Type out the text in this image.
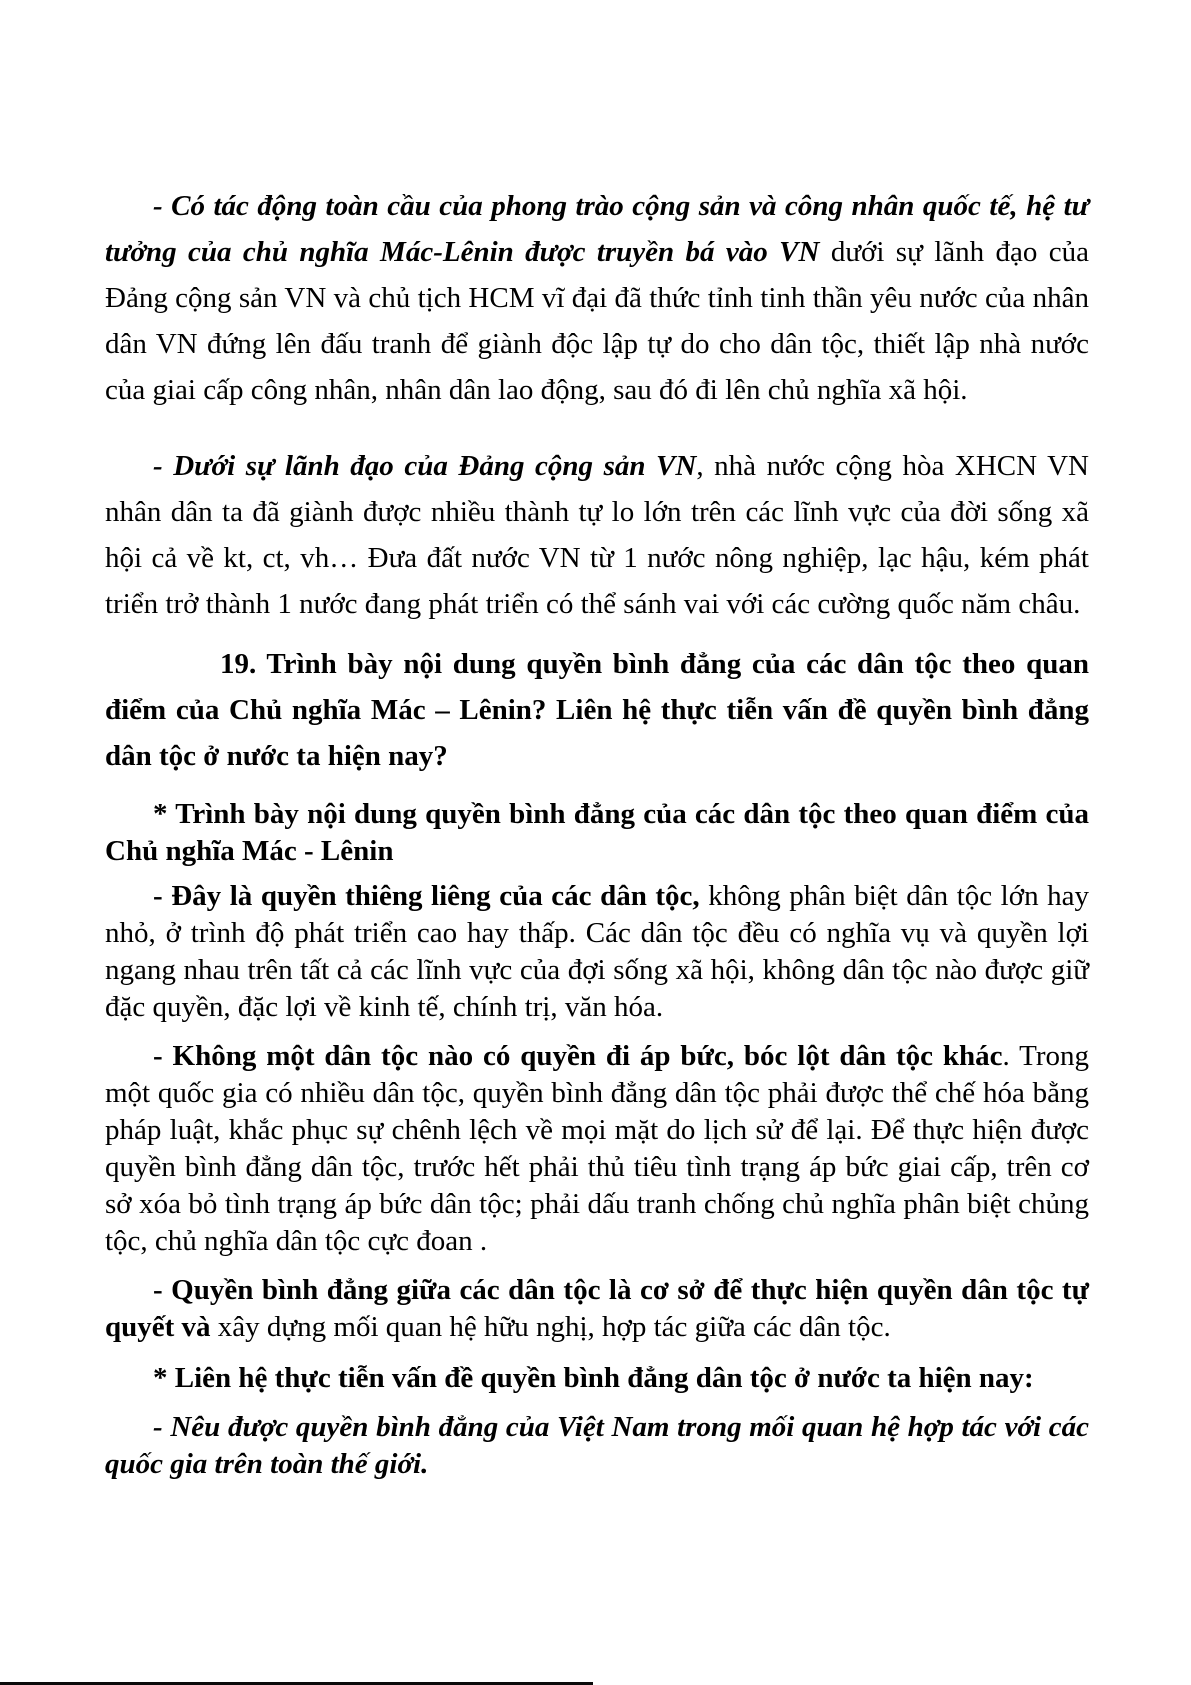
- Có tác động toàn cầu của phong trào cộng sản và công nhân quốc tế, hệ tư tưởng của chủ nghĩa Mác-Lênin được truyền bá vào VN dưới sự lãnh đạo của Đảng cộng sản VN và chủ tịch HCM vĩ đại đã thức tỉnh tinh thần yêu nước của nhân dân VN đứng lên đấu tranh để giành độc lập tự do cho dân tộc, thiết lập nhà nước của giai cấp công nhân, nhân dân lao động, sau đó đi lên chủ nghĩa xã hội.

- Dưới sự lãnh đạo của Đảng cộng sản VN, nhà nước cộng hòa XHCN VN nhân dân ta đã giành được nhiều thành tự lo lớn trên các lĩnh vực của đời sống xã hội cả về kt, ct, vh… Đưa đất nước VN từ 1 nước nông nghiệp, lạc hậu, kém phát triển trở thành 1 nước đang phát triển có thể sánh vai với các cường quốc năm châu.

19. Trình bày nội dung quyền bình đẳng của các dân tộc theo quan điểm của Chủ nghĩa Mác – Lênin? Liên hệ thực tiễn vấn đề quyền bình đẳng dân tộc ở nước ta hiện nay?

* Trình bày nội dung quyền bình đẳng của các dân tộc theo quan điểm của Chủ nghĩa Mác - Lênin

- Đây là quyền thiêng liêng của các dân tộc, không phân biệt dân tộc lớn hay nhỏ, ở trình độ phát triển cao hay thấp. Các dân tộc đều có nghĩa vụ và quyền lợi ngang nhau trên tất cả các lĩnh vực của đợi sống xã hội, không dân tộc nào được giữ đặc quyền, đặc lợi về kinh tế, chính trị, văn hóa.

- Không một dân tộc nào có quyền đi áp bức, bóc lột dân tộc khác. Trong một quốc gia có nhiều dân tộc, quyền bình đẳng dân tộc phải được thể chế hóa bằng pháp luật, khắc phục sự chênh lệch về mọi mặt do lịch sử để lại. Để thực hiện được quyền bình đẳng dân tộc, trước hết phải thủ tiêu tình trạng áp bức giai cấp, trên cơ sở xóa bỏ tình trạng áp bức dân tộc; phải dấu tranh chống chủ nghĩa phân biệt chủng tộc, chủ nghĩa dân tộc cực đoan .

- Quyền bình đẳng giữa các dân tộc là cơ sở để thực hiện quyền dân tộc tự quyết và xây dựng mối quan hệ hữu nghị, hợp tác giữa các dân tộc.

* Liên hệ thực tiễn vấn đề quyền bình đẳng dân tộc ở nước ta hiện nay:

- Nêu được quyền bình đẳng của Việt Nam trong mối quan hệ hợp tác với các quốc gia trên toàn thế giới.
